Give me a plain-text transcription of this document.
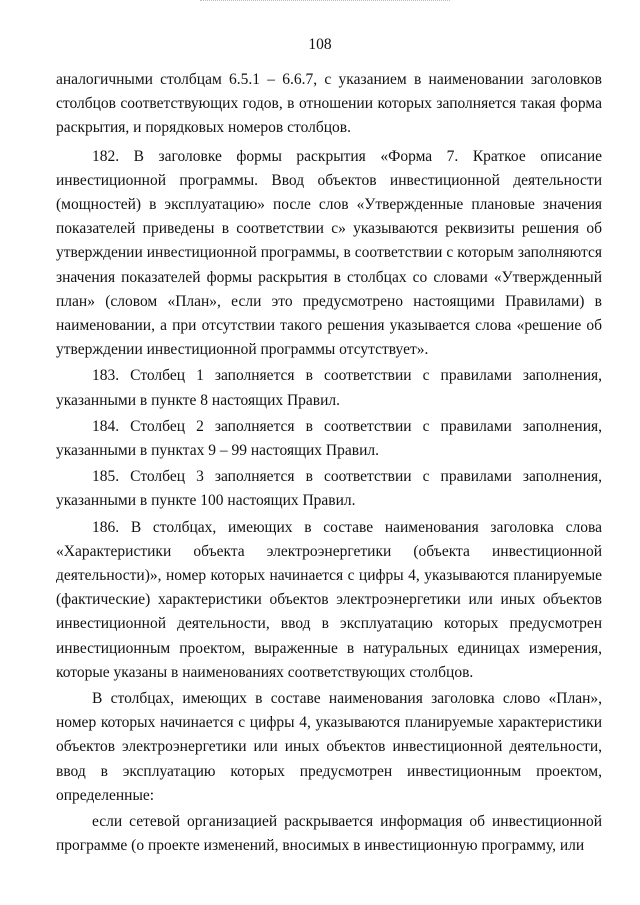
108

аналогичными столбцам 6.5.1 – 6.6.7, с указанием в наименовании заголовков столбцов соответствующих годов, в отношении которых заполняется такая форма раскрытия, и порядковых номеров столбцов.

182. В заголовке формы раскрытия «Форма 7. Краткое описание инвестиционной программы. Ввод объектов инвестиционной деятельности (мощностей) в эксплуатацию» после слов «Утвержденные плановые значения показателей приведены в соответствии с» указываются реквизиты решения об утверждении инвестиционной программы, в соответствии с которым заполняются значения показателей формы раскрытия в столбцах со словами «Утвержденный план» (словом «План», если это предусмотрено настоящими Правилами) в наименовании, а при отсутствии такого решения указывается слова «решение об утверждении инвестиционной программы отсутствует».

183. Столбец 1 заполняется в соответствии с правилами заполнения, указанными в пункте 8 настоящих Правил.

184. Столбец 2 заполняется в соответствии с правилами заполнения, указанными в пунктах 9 – 99 настоящих Правил.

185. Столбец 3 заполняется в соответствии с правилами заполнения, указанными в пункте 100 настоящих Правил.

186. В столбцах, имеющих в составе наименования заголовка слова «Характеристики объекта электроэнергетики (объекта инвестиционной деятельности)», номер которых начинается с цифры 4, указываются планируемые (фактические) характеристики объектов электроэнергетики или иных объектов инвестиционной деятельности, ввод в эксплуатацию которых предусмотрен инвестиционным проектом, выраженные в натуральных единицах измерения, которые указаны в наименованиях соответствующих столбцов.

В столбцах, имеющих в составе наименования заголовка слово «План», номер которых начинается с цифры 4, указываются планируемые характеристики объектов электроэнергетики или иных объектов инвестиционной деятельности, ввод в эксплуатацию которых предусмотрен инвестиционным проектом, определенные:

если сетевой организацией раскрывается информация об инвестиционной программе (о проекте изменений, вносимых в инвестиционную программу, или
